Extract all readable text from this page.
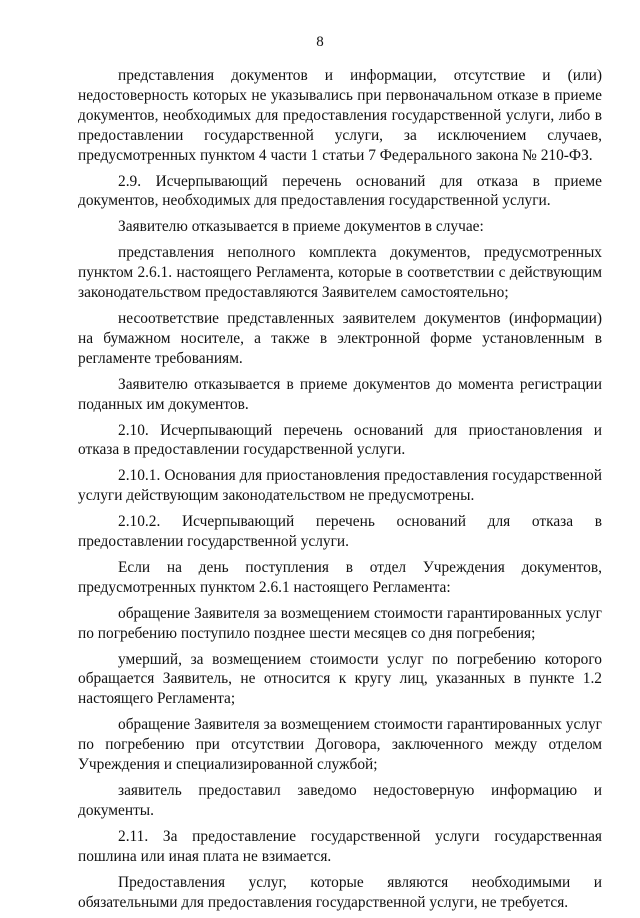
8

представления документов и информации, отсутствие и (или) недостоверность которых не указывались при первоначальном отказе в приеме документов, необходимых для предоставления государственной услуги, либо в предоставлении государственной услуги, за исключением случаев, предусмотренных пунктом 4 части 1 статьи 7 Федерального закона № 210-ФЗ.

2.9. Исчерпывающий перечень оснований для отказа в приеме документов, необходимых для предоставления государственной услуги.

Заявителю отказывается в приеме документов в случае:

представления неполного комплекта документов, предусмотренных пунктом 2.6.1. настоящего Регламента, которые в соответствии с действующим законодательством предоставляются Заявителем самостоятельно;

несоответствие представленных заявителем документов (информации) на бумажном носителе, а также в электронной форме установленным в регламенте требованиям.

Заявителю отказывается в приеме документов до момента регистрации поданных им документов.

2.10. Исчерпывающий перечень оснований для приостановления и отказа в предоставлении государственной услуги.

2.10.1. Основания для приостановления предоставления государственной услуги действующим законодательством не предусмотрены.

2.10.2. Исчерпывающий перечень оснований для отказа в предоставлении государственной услуги.

Если на день поступления в отдел Учреждения документов, предусмотренных пунктом 2.6.1 настоящего Регламента:

обращение Заявителя за возмещением стоимости гарантированных услуг по погребению поступило позднее шести месяцев со дня погребения;

умерший, за возмещением стоимости услуг по погребению которого обращается Заявитель, не относится к кругу лиц, указанных в пункте 1.2 настоящего Регламента;

обращение Заявителя за возмещением стоимости гарантированных услуг по погребению при отсутствии Договора, заключенного между отделом Учреждения и специализированной службой;

заявитель предоставил заведомо недостоверную информацию и документы.

2.11. За предоставление государственной услуги государственная пошлина или иная плата не взимается.

Предоставления услуг, которые являются необходимыми и обязательными для предоставления государственной услуги, не требуется.
